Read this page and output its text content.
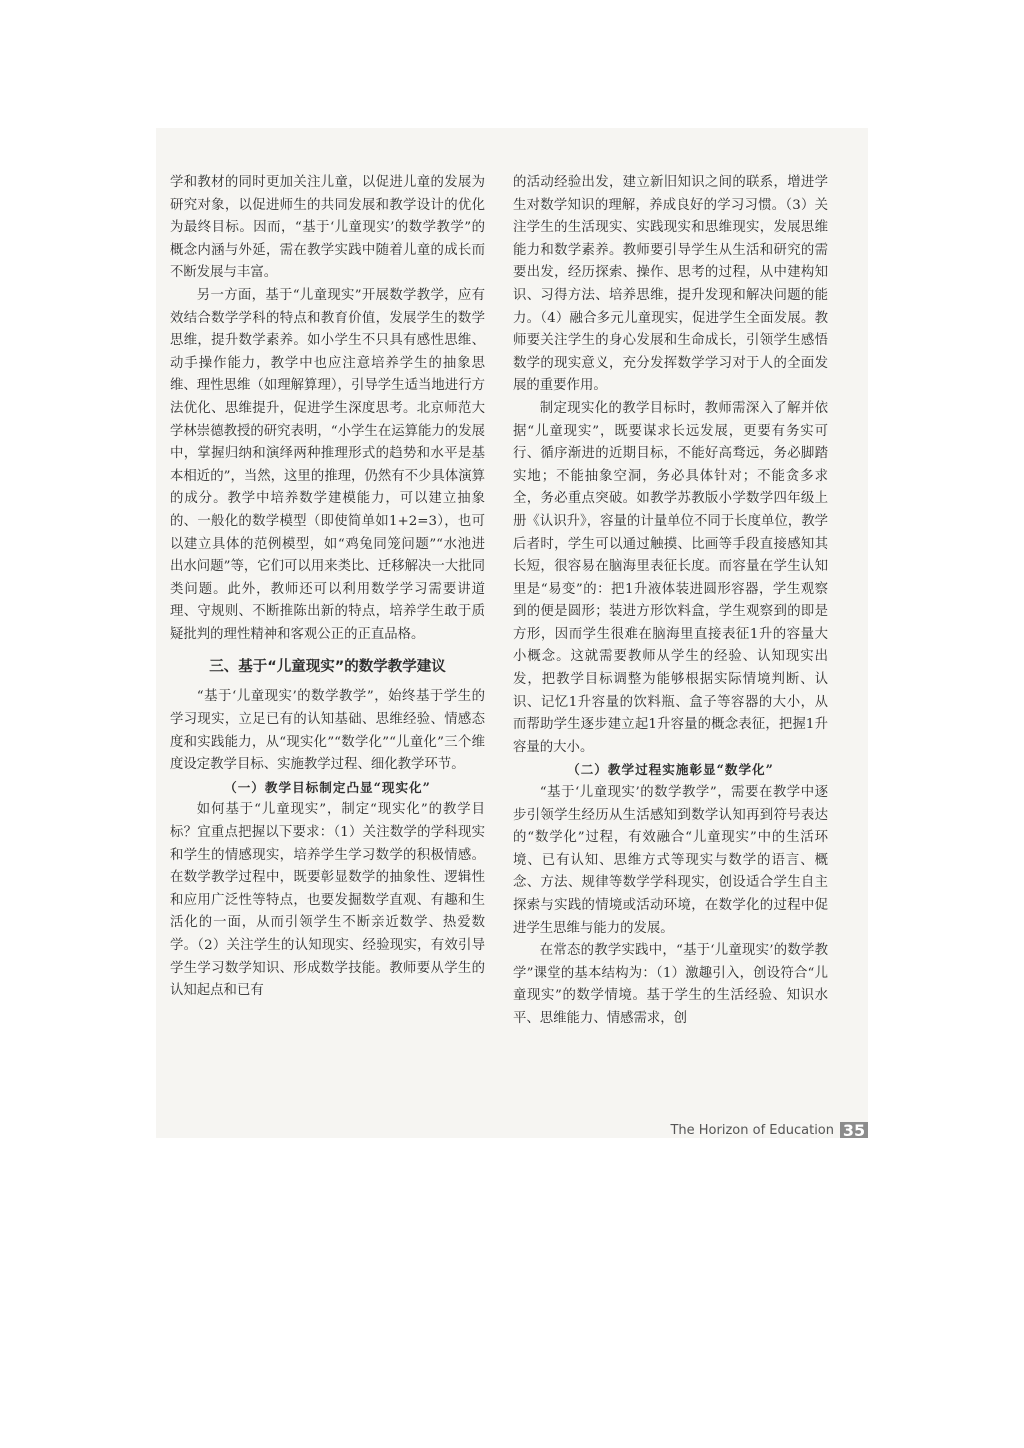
学和教材的同时更加关注儿童，以促进儿童的发展为研究对象，以促进师生的共同发展和教学设计的优化为最终目标。因而，“基于‘儿童现实’的数学教学”的概念内涵与外延，需在教学实践中随着儿童的成长而不断发展与丰富。

另一方面，基于“儿童现实”开展数学教学，应有效结合数学学科的特点和教育价值，发展学生的数学思维，提升数学素养。如小学生不只具有感性思维、动手操作能力，教学中也应注意培养学生的抽象思维、理性思维（如理解算理），引导学生适当地进行方法优化、思维提升，促进学生深度思考。北京师范大学林崇德教授的研究表明，“小学生在运算能力的发展中，掌握归纳和演绎两种推理形式的趋势和水平是基本相近的”，当然，这里的推理，仍然有不少具体演算的成分。教学中培养数学建模能力，可以建立抽象的、一般化的数学模型（即使简单如1+2=3），也可以建立具体的范例模型，如“鸡兔同笼问题”“水池进出水问题”等，它们可以用来类比、迁移解决一大批同类问题。此外，教师还可以利用数学学习需要讲道理、守规则、不断推陈出新的特点，培养学生敢于质疑批判的理性精神和客观公正的正直品格。

三、基于“儿童现实”的数学教学建议

“基于‘儿童现实’的数学教学”，始终基于学生的学习现实，立足已有的认知基础、思维经验、情感态度和实践能力，从“现实化”“数学化”“儿童化”三个维度设定教学目标、实施教学过程、细化教学环节。

（一）教学目标制定凸显“现实化”

如何基于“儿童现实”，制定“现实化”的教学目标？宜重点把握以下要求：（1）关注数学的学科现实和学生的情感现实，培养学生学习数学的积极情感。在数学教学过程中，既要彰显数学的抽象性、逻辑性和应用广泛性等特点，也要发掘数学直观、有趣和生活化的一面，从而引领学生不断亲近数学、热爱数学。（2）关注学生的认知现实、经验现实，有效引导学生学习数学知识、形成数学技能。教师要从学生的认知起点和已有

的活动经验出发，建立新旧知识之间的联系，增进学生对数学知识的理解，养成良好的学习习惯。（3）关注学生的生活现实、实践现实和思维现实，发展思维能力和数学素养。教师要引导学生从生活和研究的需要出发，经历探索、操作、思考的过程，从中建构知识、习得方法、培养思维，提升发现和解决问题的能力。（4）融合多元儿童现实，促进学生全面发展。教师要关注学生的身心发展和生命成长，引领学生感悟数学的现实意义，充分发挥数学学习对于人的全面发展的重要作用。

制定现实化的教学目标时，教师需深入了解并依据“儿童现实”，既要谋求长远发展，更要有务实可行、循序渐进的近期目标，不能好高骛远，务必脚踏实地；不能抽象空洞，务必具体针对；不能贪多求全，务必重点突破。如教学苏教版小学数学四年级上册《认识升》，容量的计量单位不同于长度单位，教学后者时，学生可以通过触摸、比画等手段直接感知其长短，很容易在脑海里表征长度。而容量在学生认知里是“易变”的：把1升液体装进圆形容器，学生观察到的便是圆形；装进方形饮料盒，学生观察到的即是方形，因而学生很难在脑海里直接表征1升的容量大小概念。这就需要教师从学生的经验、认知现实出发，把教学目标调整为能够根据实际情境判断、认识、记忆1升容量的饮料瓶、盒子等容器的大小，从而帮助学生逐步建立起1升容量的概念表征，把握1升容量的大小。

（二）教学过程实施彰显“数学化”

“基于‘儿童现实’的数学教学”，需要在教学中逐步引领学生经历从生活感知到数学认知再到符号表达的“数学化”过程，有效融合“儿童现实”中的生活环境、已有认知、思维方式等现实与数学的语言、概念、方法、规律等数学学科现实，创设适合学生自主探索与实践的情境或活动环境，在数学化的过程中促进学生思维与能力的发展。

在常态的教学实践中，“基于‘儿童现实’的数学教学”课堂的基本结构为：（1）激趣引入，创设符合“儿童现实”的数学情境。基于学生的生活经验、知识水平、思维能力、情感需求，创

The Horizon of Education 35
